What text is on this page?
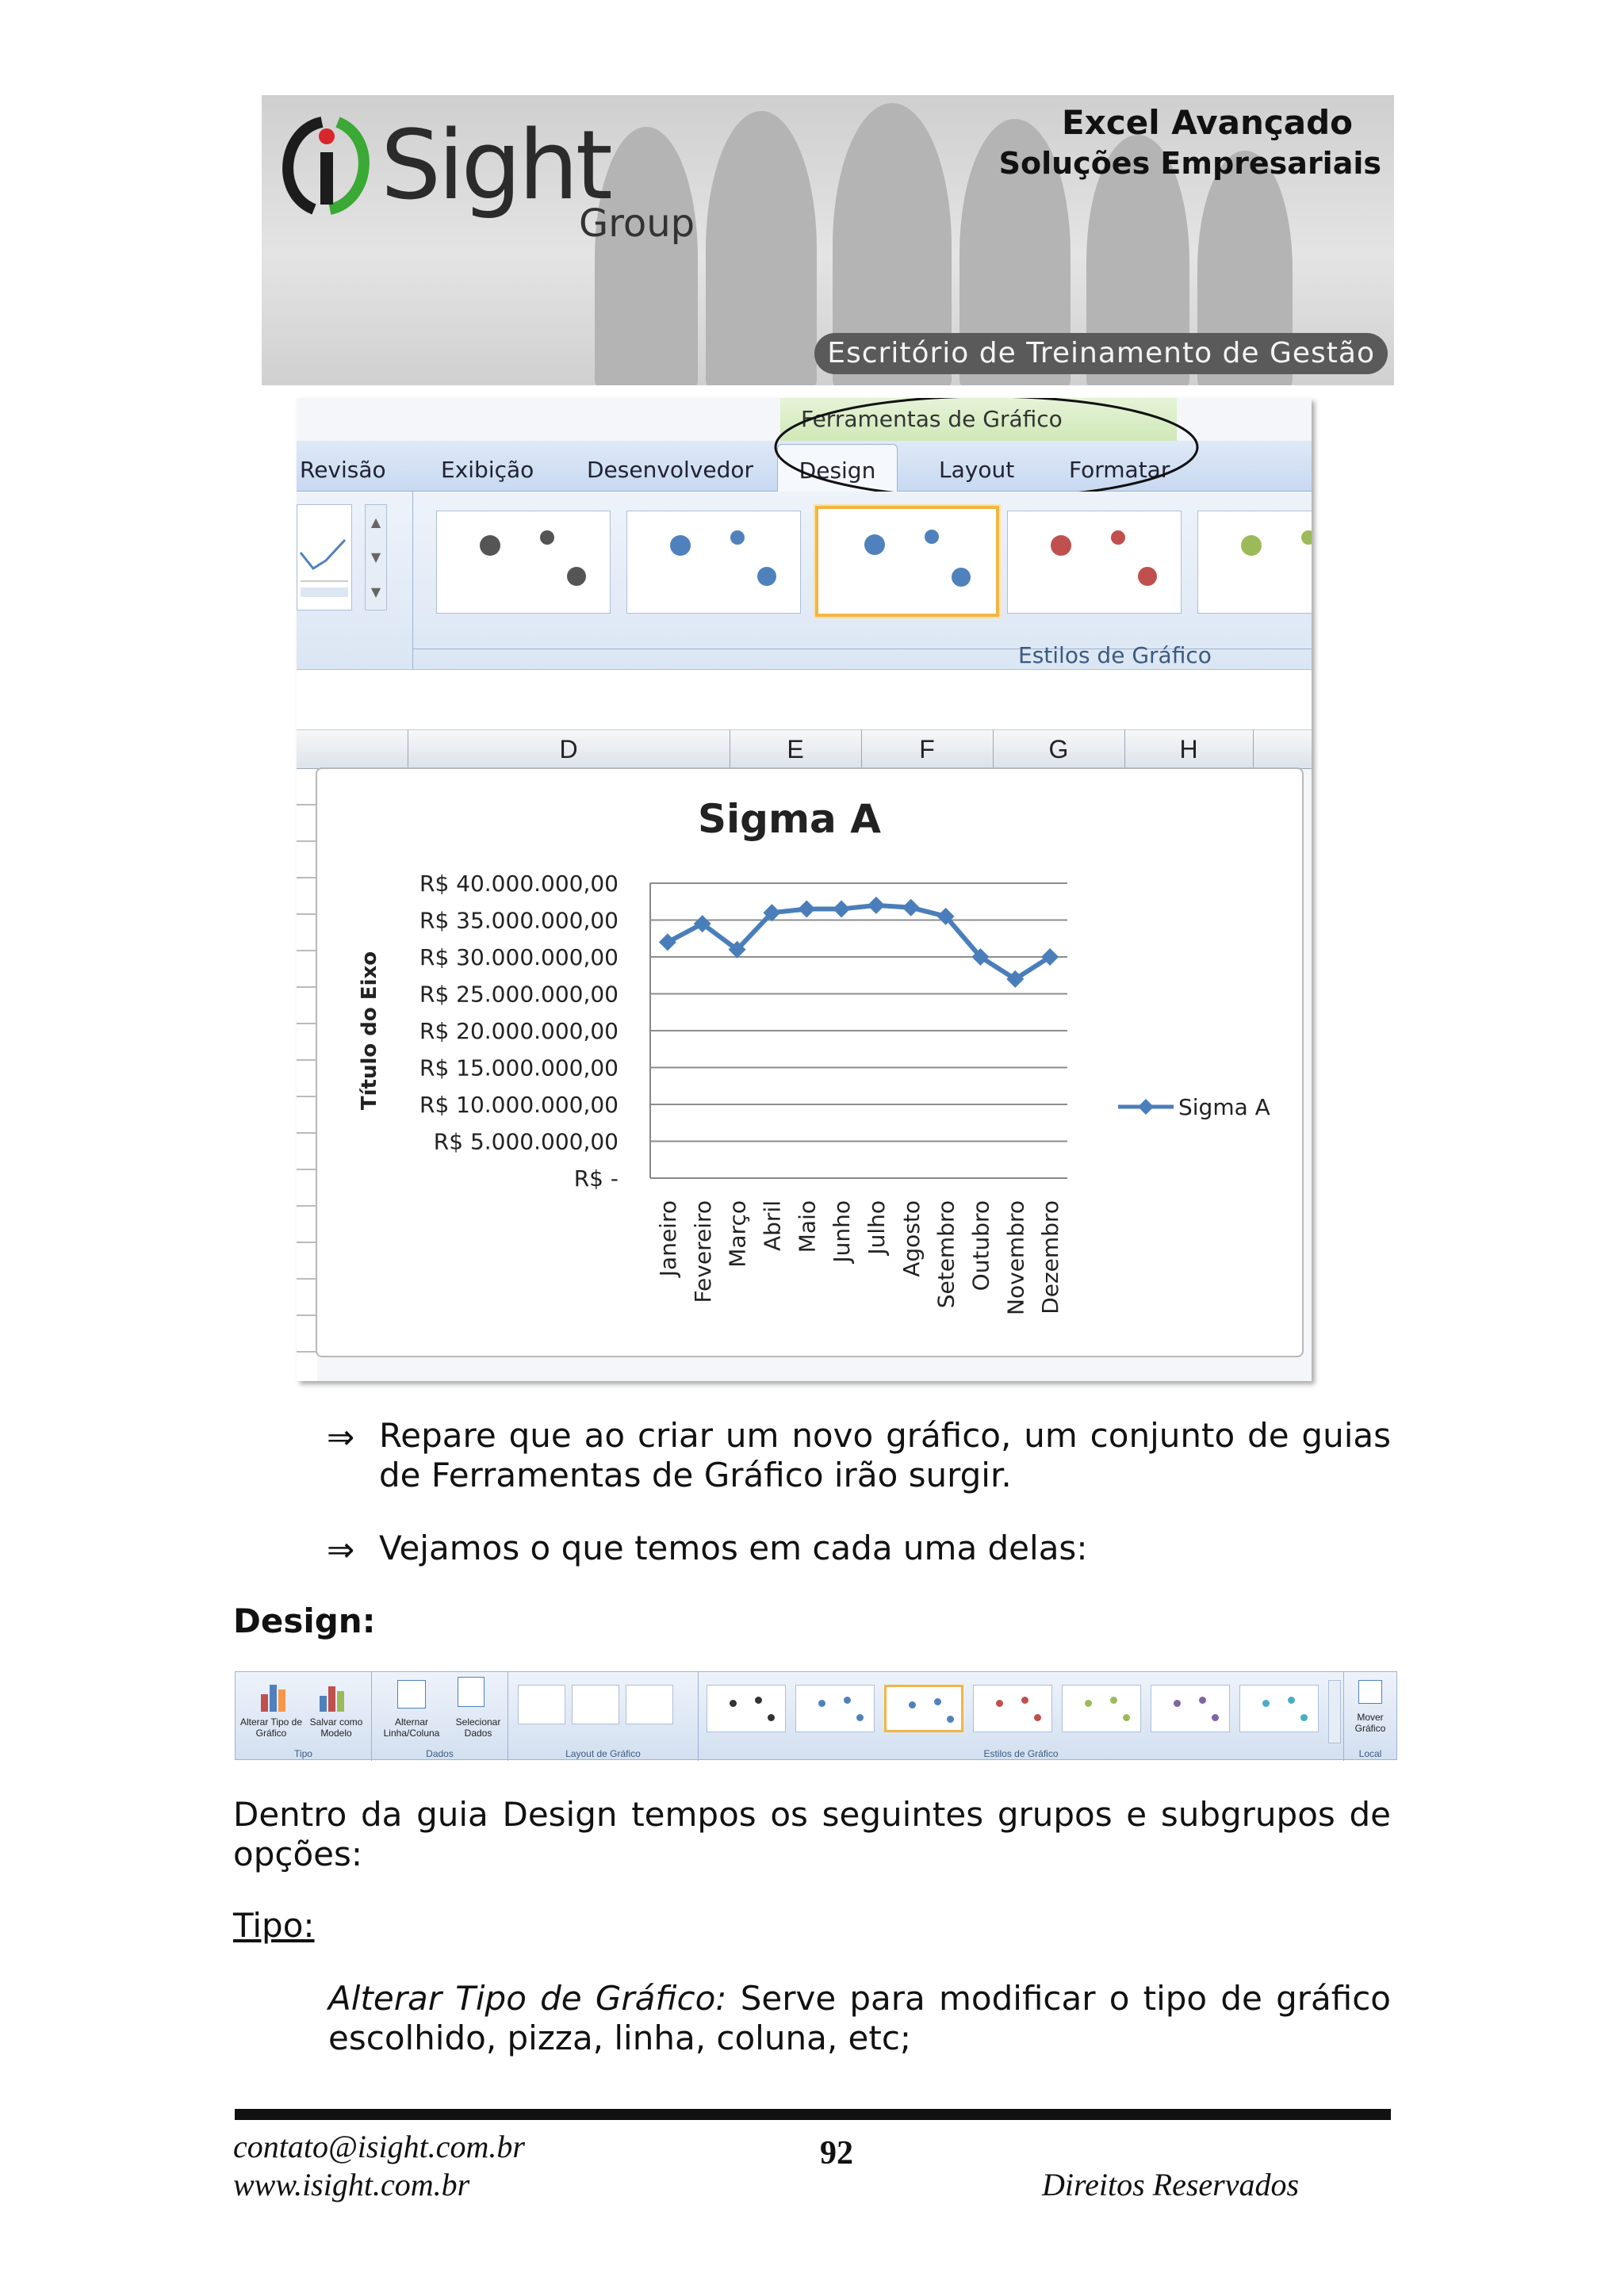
Sight
Group
Excel Avançado
Soluções Empresariais
Escritório de Treinamento de Gestão
Ferramentas de Gráfico
Revisão Exibição Desenvolvedor	Design	Layout Formatar
▲
▼
▼
Estilos de Gráfico
D	E	F	G	H
Sigma A
R$ 40.000.000,00
R$ 35.000.000,00
R$ 30.000.000,00
R$ 25.000.000,00
R$ 20.000.000,00
R$ 15.000.000,00
R$ 10.000.000,00
R$ 5.000.000,00
R$ -
Título do Eixo
Janeiro Fevereiro Março Abril Maio Junho Julho Agosto Setembro Outubro Novembro Dezembro
Sigma A
⇒ Repare que ao criar um novo gráfico, um conjunto de guias de Ferramentas de Gráfico irão surgir.
⇒ Vejamos o que temos em cada uma delas:
Design:
Alterar Tipo de Gráfico
Salvar como Modelo
Tipo
Alternar Linha/Coluna
Selecionar Dados
Dados	Layout de Gráfico	Estilos de Gráfico
Mover Gráfico
Local
Dentro da guia Design tempos os seguintes grupos e subgrupos de opções:
Tipo:
Alterar Tipo de Gráfico: Serve para modificar o tipo de gráfico escolhido, pizza, linha, coluna, etc;
contato@isight.com.br
www.isight.com.br
92
Direitos Reservados
